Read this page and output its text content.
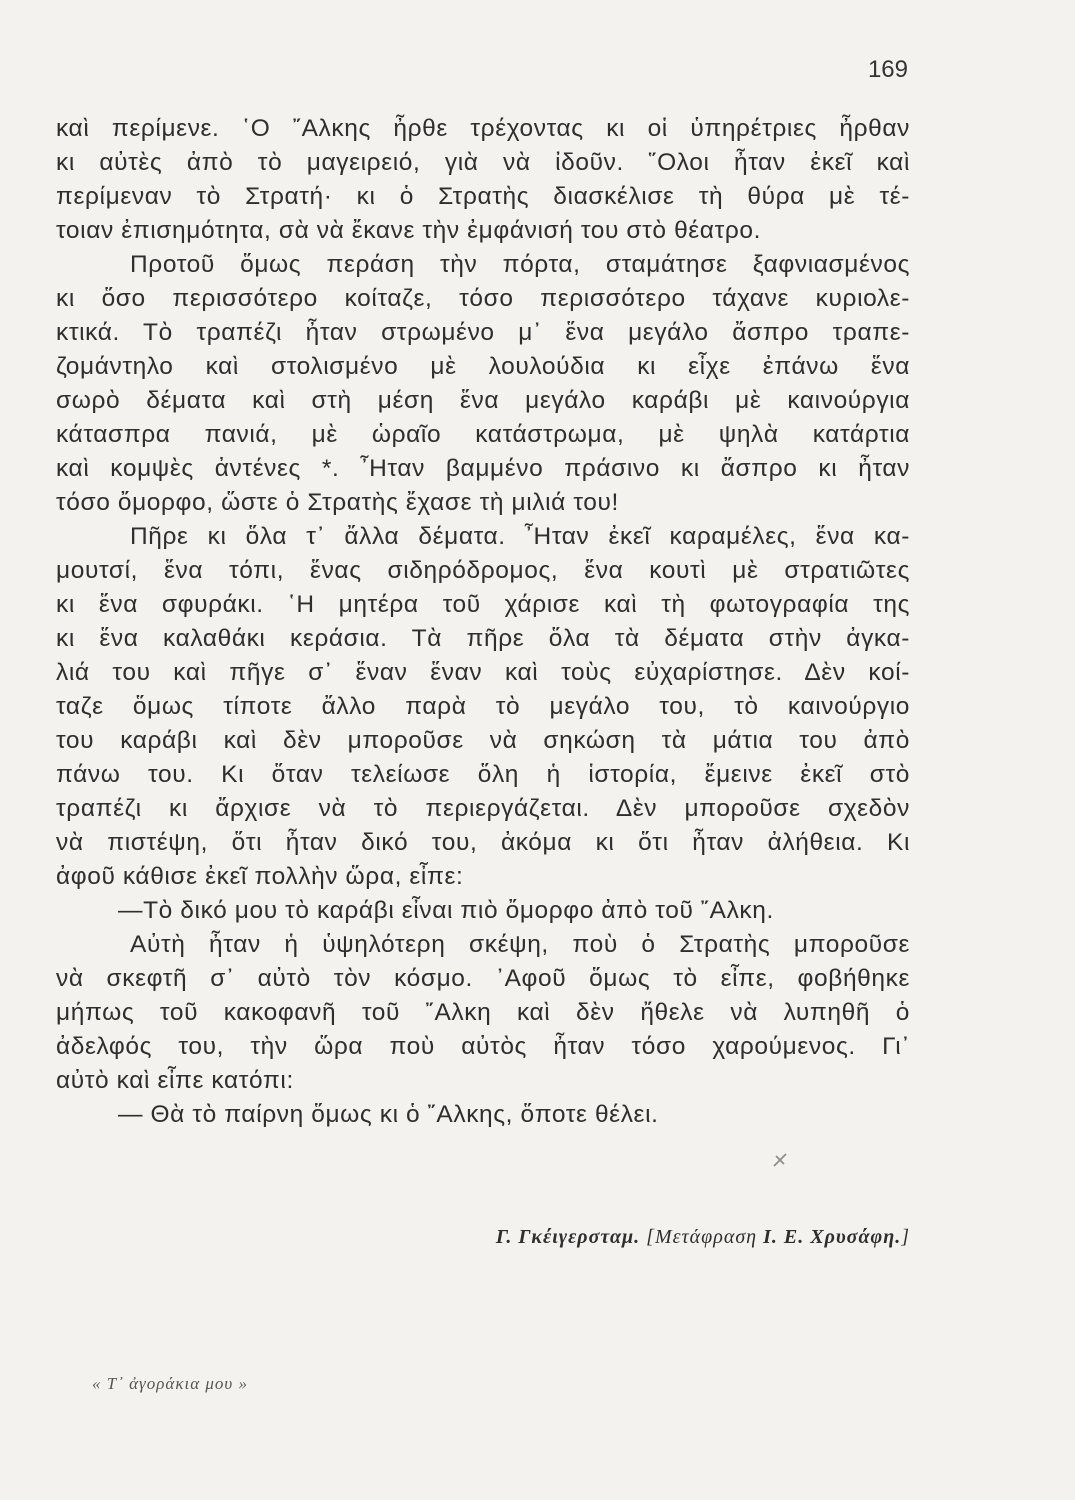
169
καὶ περίμενε. ῾Ο ῎Αλκης ἦρθε τρέχοντας κι οἱ ὑπηρέτριες ἦρθαν
κι αὐτὲς ἀπὸ τὸ μαγειρειό, γιὰ νὰ ἰδοῦν. ῞Ολοι ἦταν ἐκεῖ καὶ
περίμεναν τὸ Στρατή· κι ὁ Στρατὴς διασκέλισε τὴ θύρα μὲ τέ-
τοιαν ἐπισημότητα, σὰ νὰ ἔκανε τὴν ἐμφάνισή του στὸ θέατρο.
Προτοῦ ὅμως περάση τὴν πόρτα, σταμάτησε ξαφνιασμένος
κι ὅσο περισσότερο κοίταζε, τόσο περισσότερο τάχανε κυριολε-
κτικά. Τὸ τραπέζι ἦταν στρωμένο μ᾽ ἕνα μεγάλο ἄσπρο τραπε-
ζομάντηλο καὶ στολισμένο μὲ λουλούδια κι εἶχε ἐπάνω ἕνα
σωρὸ δέματα καὶ στὴ μέση ἕνα μεγάλο καράβι μὲ καινούργια
κάτασπρα πανιά, μὲ ὡραῖο κατάστρωμα, μὲ ψηλὰ κατάρτια
καὶ κομψὲς ἀντένες *. ῏Ηταν βαμμένο πράσινο κι ἄσπρο κι ἦταν
τόσο ὄμορφο, ὥστε ὁ Στρατὴς ἔχασε τὴ μιλιά του!
Πῆρε κι ὅλα τ᾽ ἄλλα δέματα. ῏Ηταν ἐκεῖ καραμέλες, ἕνα κα-
μουτσί, ἕνα τόπι, ἕνας σιδηρόδρομος, ἕνα κουτὶ μὲ στρατιῶτες
κι ἕνα σφυράκι. ῾Η μητέρα τοῦ χάρισε καὶ τὴ φωτογραφία της
κι ἕνα καλαθάκι κεράσια. Τὰ πῆρε ὅλα τὰ δέματα στὴν ἀγκα-
λιά του καὶ πῆγε σ᾽ ἕναν ἕναν καὶ τοὺς εὐχαρίστησε. Δὲν κοί-
ταζε ὅμως τίποτε ἄλλο παρὰ τὸ μεγάλο του, τὸ καινούργιο
του καράβι καὶ δὲν μποροῦσε νὰ σηκώση τὰ μάτια του ἀπὸ
πάνω του. Κι ὅταν τελείωσε ὅλη ἡ ἱστορία, ἔμεινε ἐκεῖ στὸ
τραπέζι κι ἄρχισε νὰ τὸ περιεργάζεται. Δὲν μποροῦσε σχεδὸν
νὰ πιστέψη, ὅτι ἦταν δικό του, ἀκόμα κι ὅτι ἦταν ἀλήθεια. Κι
ἀφοῦ κάθισε ἐκεῖ πολλὴν ὥρα, εἶπε:
—Τὸ δικό μου τὸ καράβι εἶναι πιὸ ὄμορφο ἀπὸ τοῦ ῎Αλκη.
Αὐτὴ ἦταν ἡ ὑψηλότερη σκέψη, ποὺ ὁ Στρατὴς μποροῦσε
νὰ σκεφτῆ σ᾽ αὐτὸ τὸν κόσμο. ᾽Αφοῦ ὅμως τὸ εἶπε, φοβήθηκε
μήπως τοῦ κακοφανῆ τοῦ ῎Αλκη καὶ δὲν ἤθελε νὰ λυπηθῆ ὁ
ἀδελφός του, τὴν ὥρα ποὺ αὐτὸς ἦταν τόσο χαρούμενος. Γι᾽
αὐτὸ καὶ εἶπε κατόπι:
— Θὰ τὸ παίρνη ὅμως κι ὁ ῎Αλκης, ὅποτε θέλει.
Γ. Γκέιγερσταμ. [Μετάφραση Ι. Ε. Χρυσάφη.]
« Τ᾽ ἀγοράκια μου »
